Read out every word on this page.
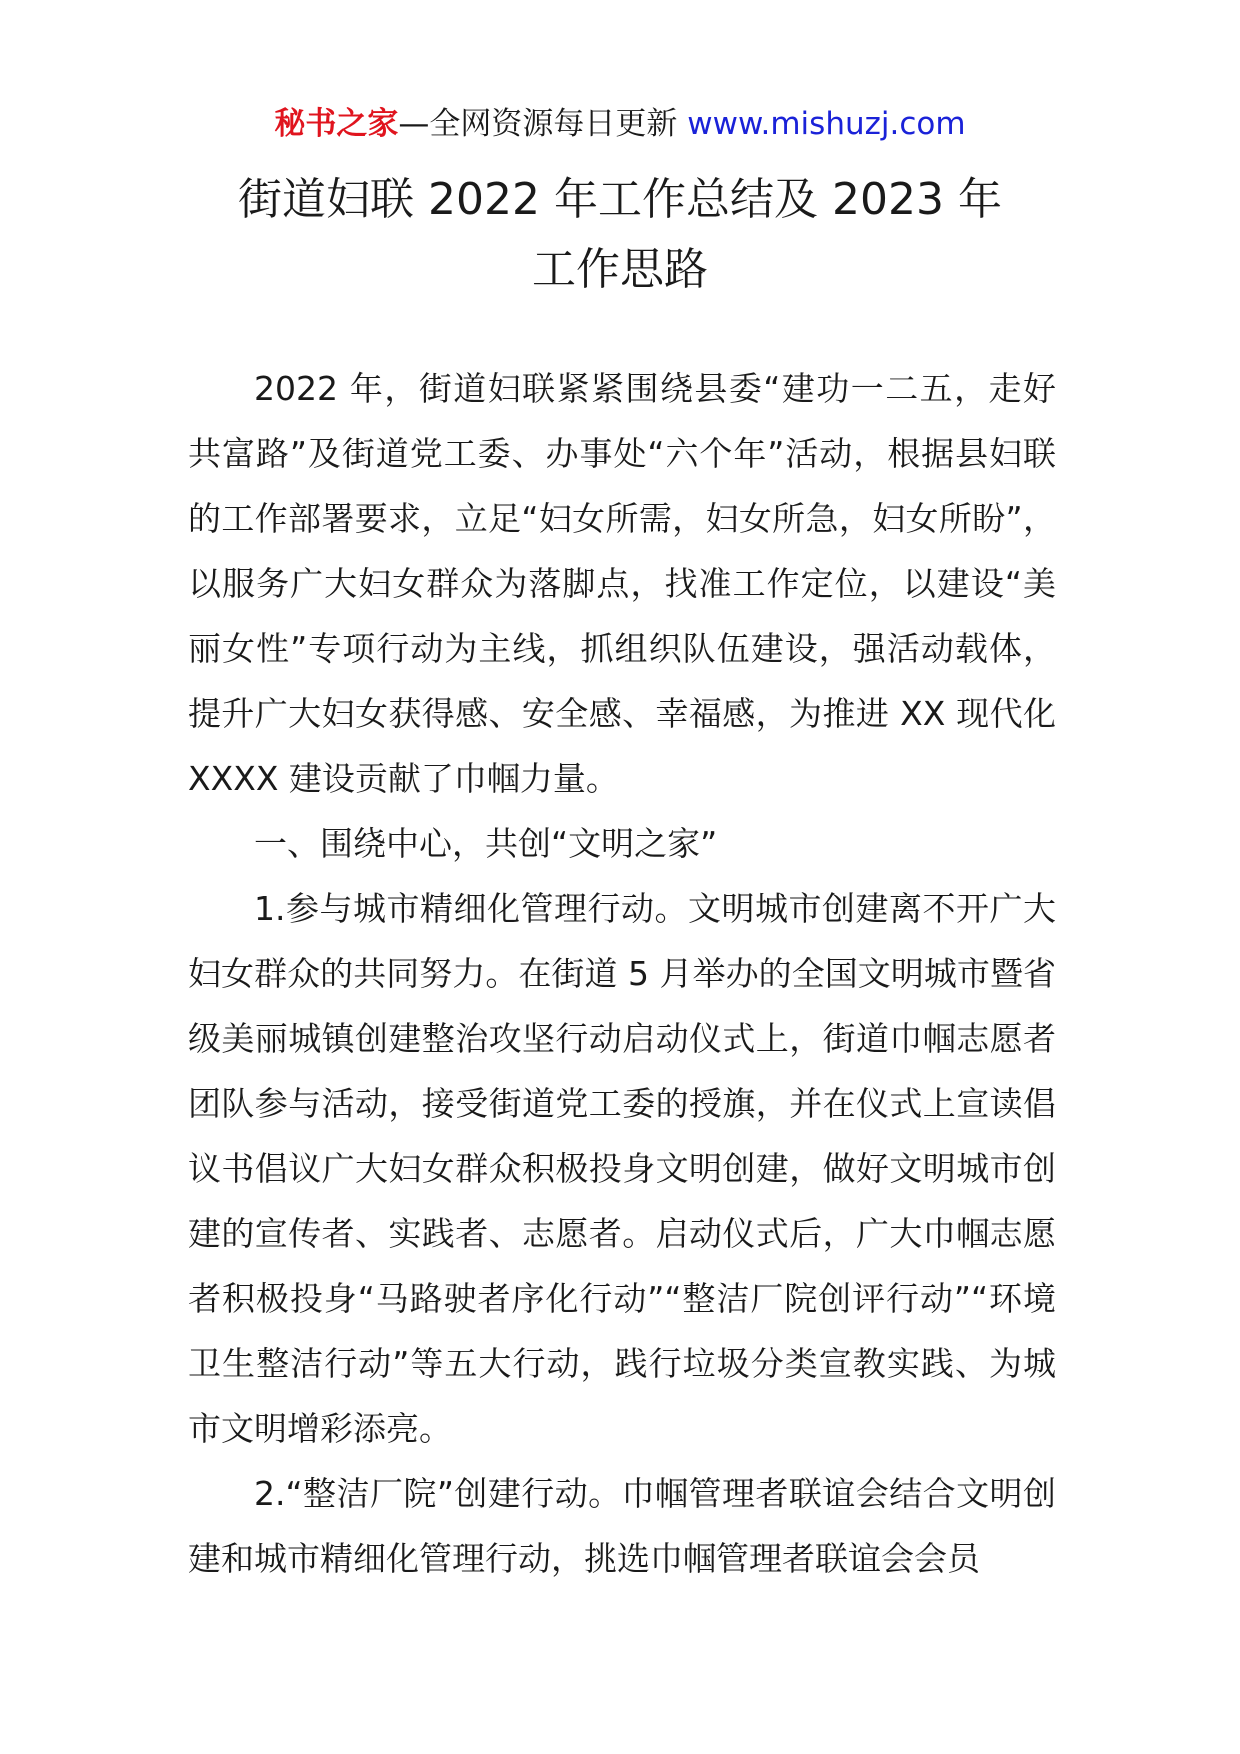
秘书之家—全网资源每日更新 www.mishuzj.com
街道妇联 2022 年工作总结及 2023 年
工作思路

2022 年，街道妇联紧紧围绕县委“建功一二五，走好共富路”及街道党工委、办事处“六个年”活动，根据县妇联的工作部署要求，立足“妇女所需，妇女所急，妇女所盼”，以服务广大妇女群众为落脚点，找准工作定位，以建设“美丽女性”专项行动为主线，抓组织队伍建设，强活动载体，提升广大妇女获得感、安全感、幸福感，为推进 XX 现代化 XXXX 建设贡献了巾帼力量。

一、围绕中心，共创“文明之家”

1.参与城市精细化管理行动。文明城市创建离不开广大妇女群众的共同努力。在街道 5 月举办的全国文明城市暨省级美丽城镇创建整治攻坚行动启动仪式上，街道巾帼志愿者团队参与活动，接受街道党工委的授旗，并在仪式上宣读倡议书倡议广大妇女群众积极投身文明创建，做好文明城市创建的宣传者、实践者、志愿者。启动仪式后，广大巾帼志愿者积极投身“马路驶者序化行动”“整洁厂院创评行动”“环境卫生整洁行动”等五大行动，践行垃圾分类宣教实践、为城市文明增彩添亮。

2.“整洁厂院”创建行动。巾帼管理者联谊会结合文明创建和城市精细化管理行动，挑选巾帼管理者联谊会会员
